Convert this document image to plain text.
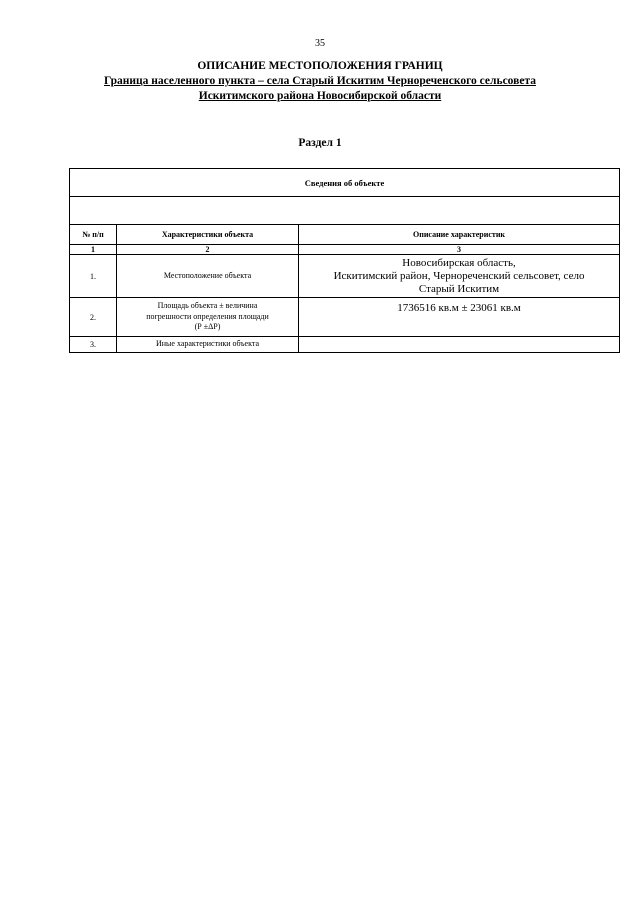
35
ОПИСАНИЕ МЕСТОПОЛОЖЕНИЯ ГРАНИЦ
Граница населенного пункта – села Старый Искитим Чернореченского сельсовета
Искитимского района Новосибирской области
Раздел 1
Сведения об объекте		

№ п/п	Характеристики объекта	Описание характеристик
1	2	3
1.	Местоположение объекта	Новосибирская область,
Искитимский район, Чернореченский сельсовет, село
Старый Искитим

2.	Площадь объекта ± величина
погрешности определения площади
(Р ±ΔР)	1736516 кв.м ± 23061 кв.м
3.	Иные характеристики объекта	
